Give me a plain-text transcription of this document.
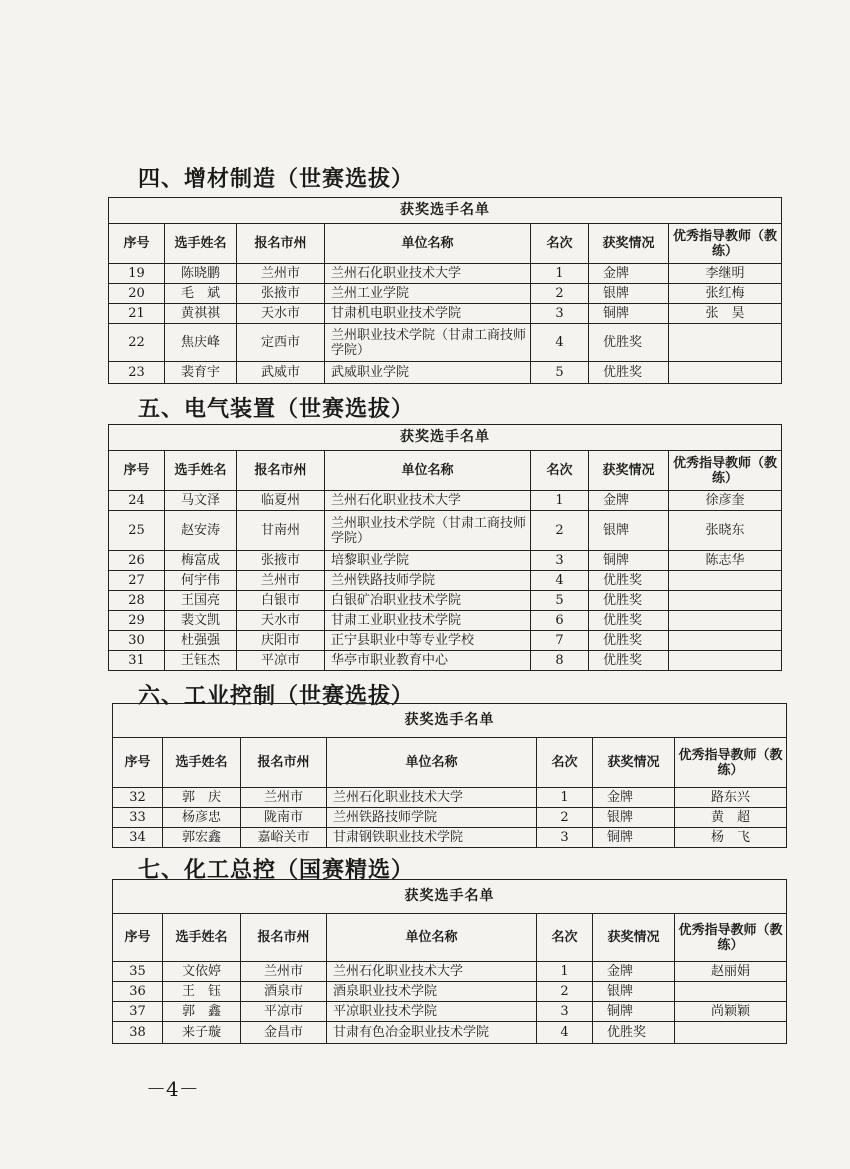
四、增材制造（世赛选拔）
获奖选手名单						
序号	选手姓名	报名市州	单位名称	名次	获奖情况	优秀指导教师（教练）
19	陈晓鹏	兰州市	兰州石化职业技术大学	1	金牌	李继明
20	毛　斌	张掖市	兰州工业学院	2	银牌	张红梅
21	黄祺祺	天水市	甘肃机电职业技术学院	3	铜牌	张　昊
22	焦庆峰	定西市	兰州职业技术学院（甘肃工商技师学院）	4	优胜奖	
23	裴育宇	武威市	武威职业学院	5	优胜奖	
五、电气装置（世赛选拔）
获奖选手名单						
序号	选手姓名	报名市州	单位名称	名次	获奖情况	优秀指导教师（教练）
24	马文泽	临夏州	兰州石化职业技术大学	1	金牌	徐彦奎
25	赵安涛	甘南州	兰州职业技术学院（甘肃工商技师学院）	2	银牌	张晓东
26	梅富成	张掖市	培黎职业学院	3	铜牌	陈志华
27	何宇伟	兰州市	兰州铁路技师学院	4	优胜奖	
28	王国亮	白银市	白银矿冶职业技术学院	5	优胜奖	
29	裴文凯	天水市	甘肃工业职业技术学院	6	优胜奖	
30	杜强强	庆阳市	正宁县职业中等专业学校	7	优胜奖	
31	王钰杰	平凉市	华亭市职业教育中心	8	优胜奖	
六、工业控制（世赛选拔）
获奖选手名单						
序号	选手姓名	报名市州	单位名称	名次	获奖情况	优秀指导教师（教练）
32	郭　庆	兰州市	兰州石化职业技术大学	1	金牌	路东兴
33	杨彦忠	陇南市	兰州铁路技师学院	2	银牌	黄　超
34	郭宏鑫	嘉峪关市	甘肃钢铁职业技术学院	3	铜牌	杨　飞
七、化工总控（国赛精选）
获奖选手名单						
序号	选手姓名	报名市州	单位名称	名次	获奖情况	优秀指导教师（教练）
35	文依婷	兰州市	兰州石化职业技术大学	1	金牌	赵丽娟
36	王　钰	酒泉市	酒泉职业技术学院	2	银牌	
37	郭　鑫	平凉市	平凉职业技术学院	3	铜牌	尚颖颖
38	来子璇	金昌市	甘肃有色冶金职业技术学院	4	优胜奖	
－4－
